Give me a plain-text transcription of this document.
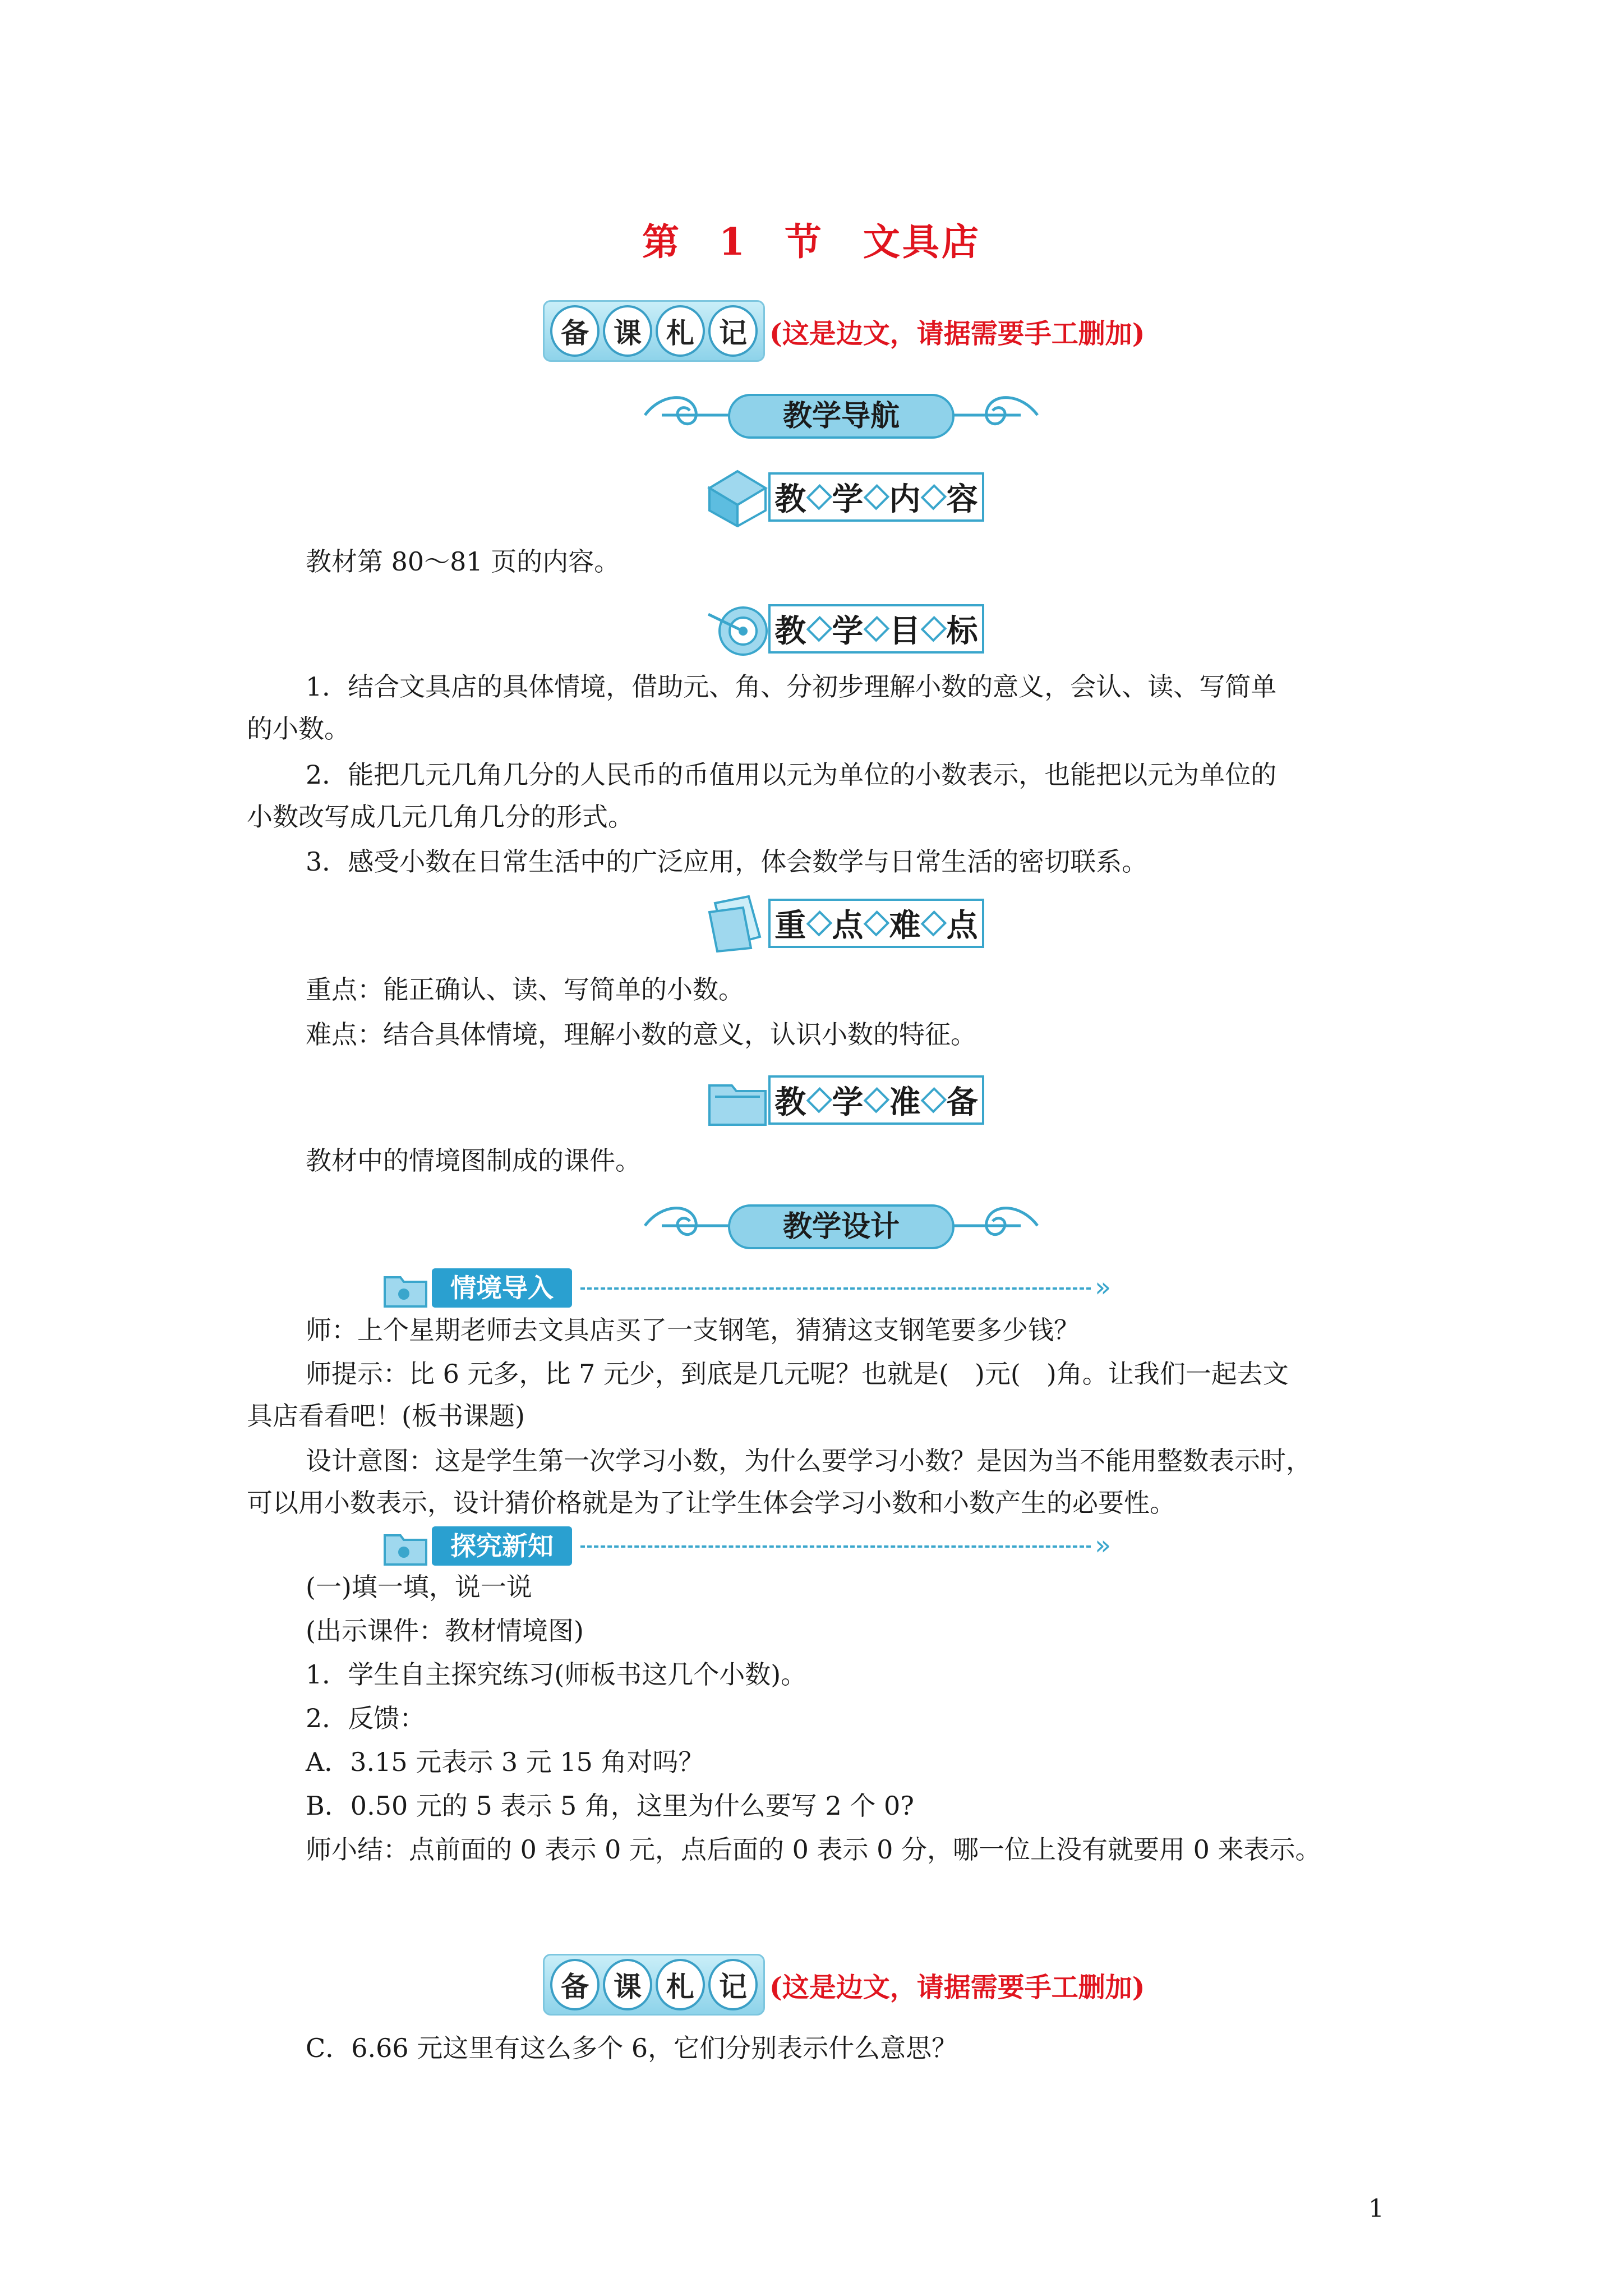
第 1 节　文具店
备 课 札 记 (这是边文，请据需要手工删加)
教学导航
教 学 内 容
教材第 80～81 页的内容。
教 学 目 标
1．结合文具店的具体情境，借助元、角、分初步理解小数的意义，会认、读、写简单
的小数。
2．能把几元几角几分的人民币的币值用以元为单位的小数表示，也能把以元为单位的
小数改写成几元几角几分的形式。
3．感受小数在日常生活中的广泛应用，体会数学与日常生活的密切联系。
重 点 难 点
重点：能正确认、读、写简单的小数。
难点：结合具体情境，理解小数的意义，认识小数的特征。
教 学 准 备
教材中的情境图制成的课件。
教学设计
情境导入	»
师：上个星期老师去文具店买了一支钢笔，猜猜这支钢笔要多少钱？
师提示：比 6 元多，比 7 元少，到底是几元呢？也就是(　)元(　)角。让我们一起去文
具店看看吧！(板书课题)
设计意图：这是学生第一次学习小数，为什么要学习小数？是因为当不能用整数表示时，
可以用小数表示，设计猜价格就是为了让学生体会学习小数和小数产生的必要性。
探究新知	»
(一)填一填，说一说
(出示课件：教材情境图)
1．学生自主探究练习(师板书这几个小数)。
2．反馈：
A．3.15 元表示 3 元 15 角对吗？
B．0.50 元的 5 表示 5 角，这里为什么要写 2 个 0?
师小结：点前面的 0 表示 0 元，点后面的 0 表示 0 分，哪一位上没有就要用 0 来表示。
备 课 札 记 (这是边文，请据需要手工删加)
C．6.66 元这里有这么多个 6，它们分别表示什么意思？
1
